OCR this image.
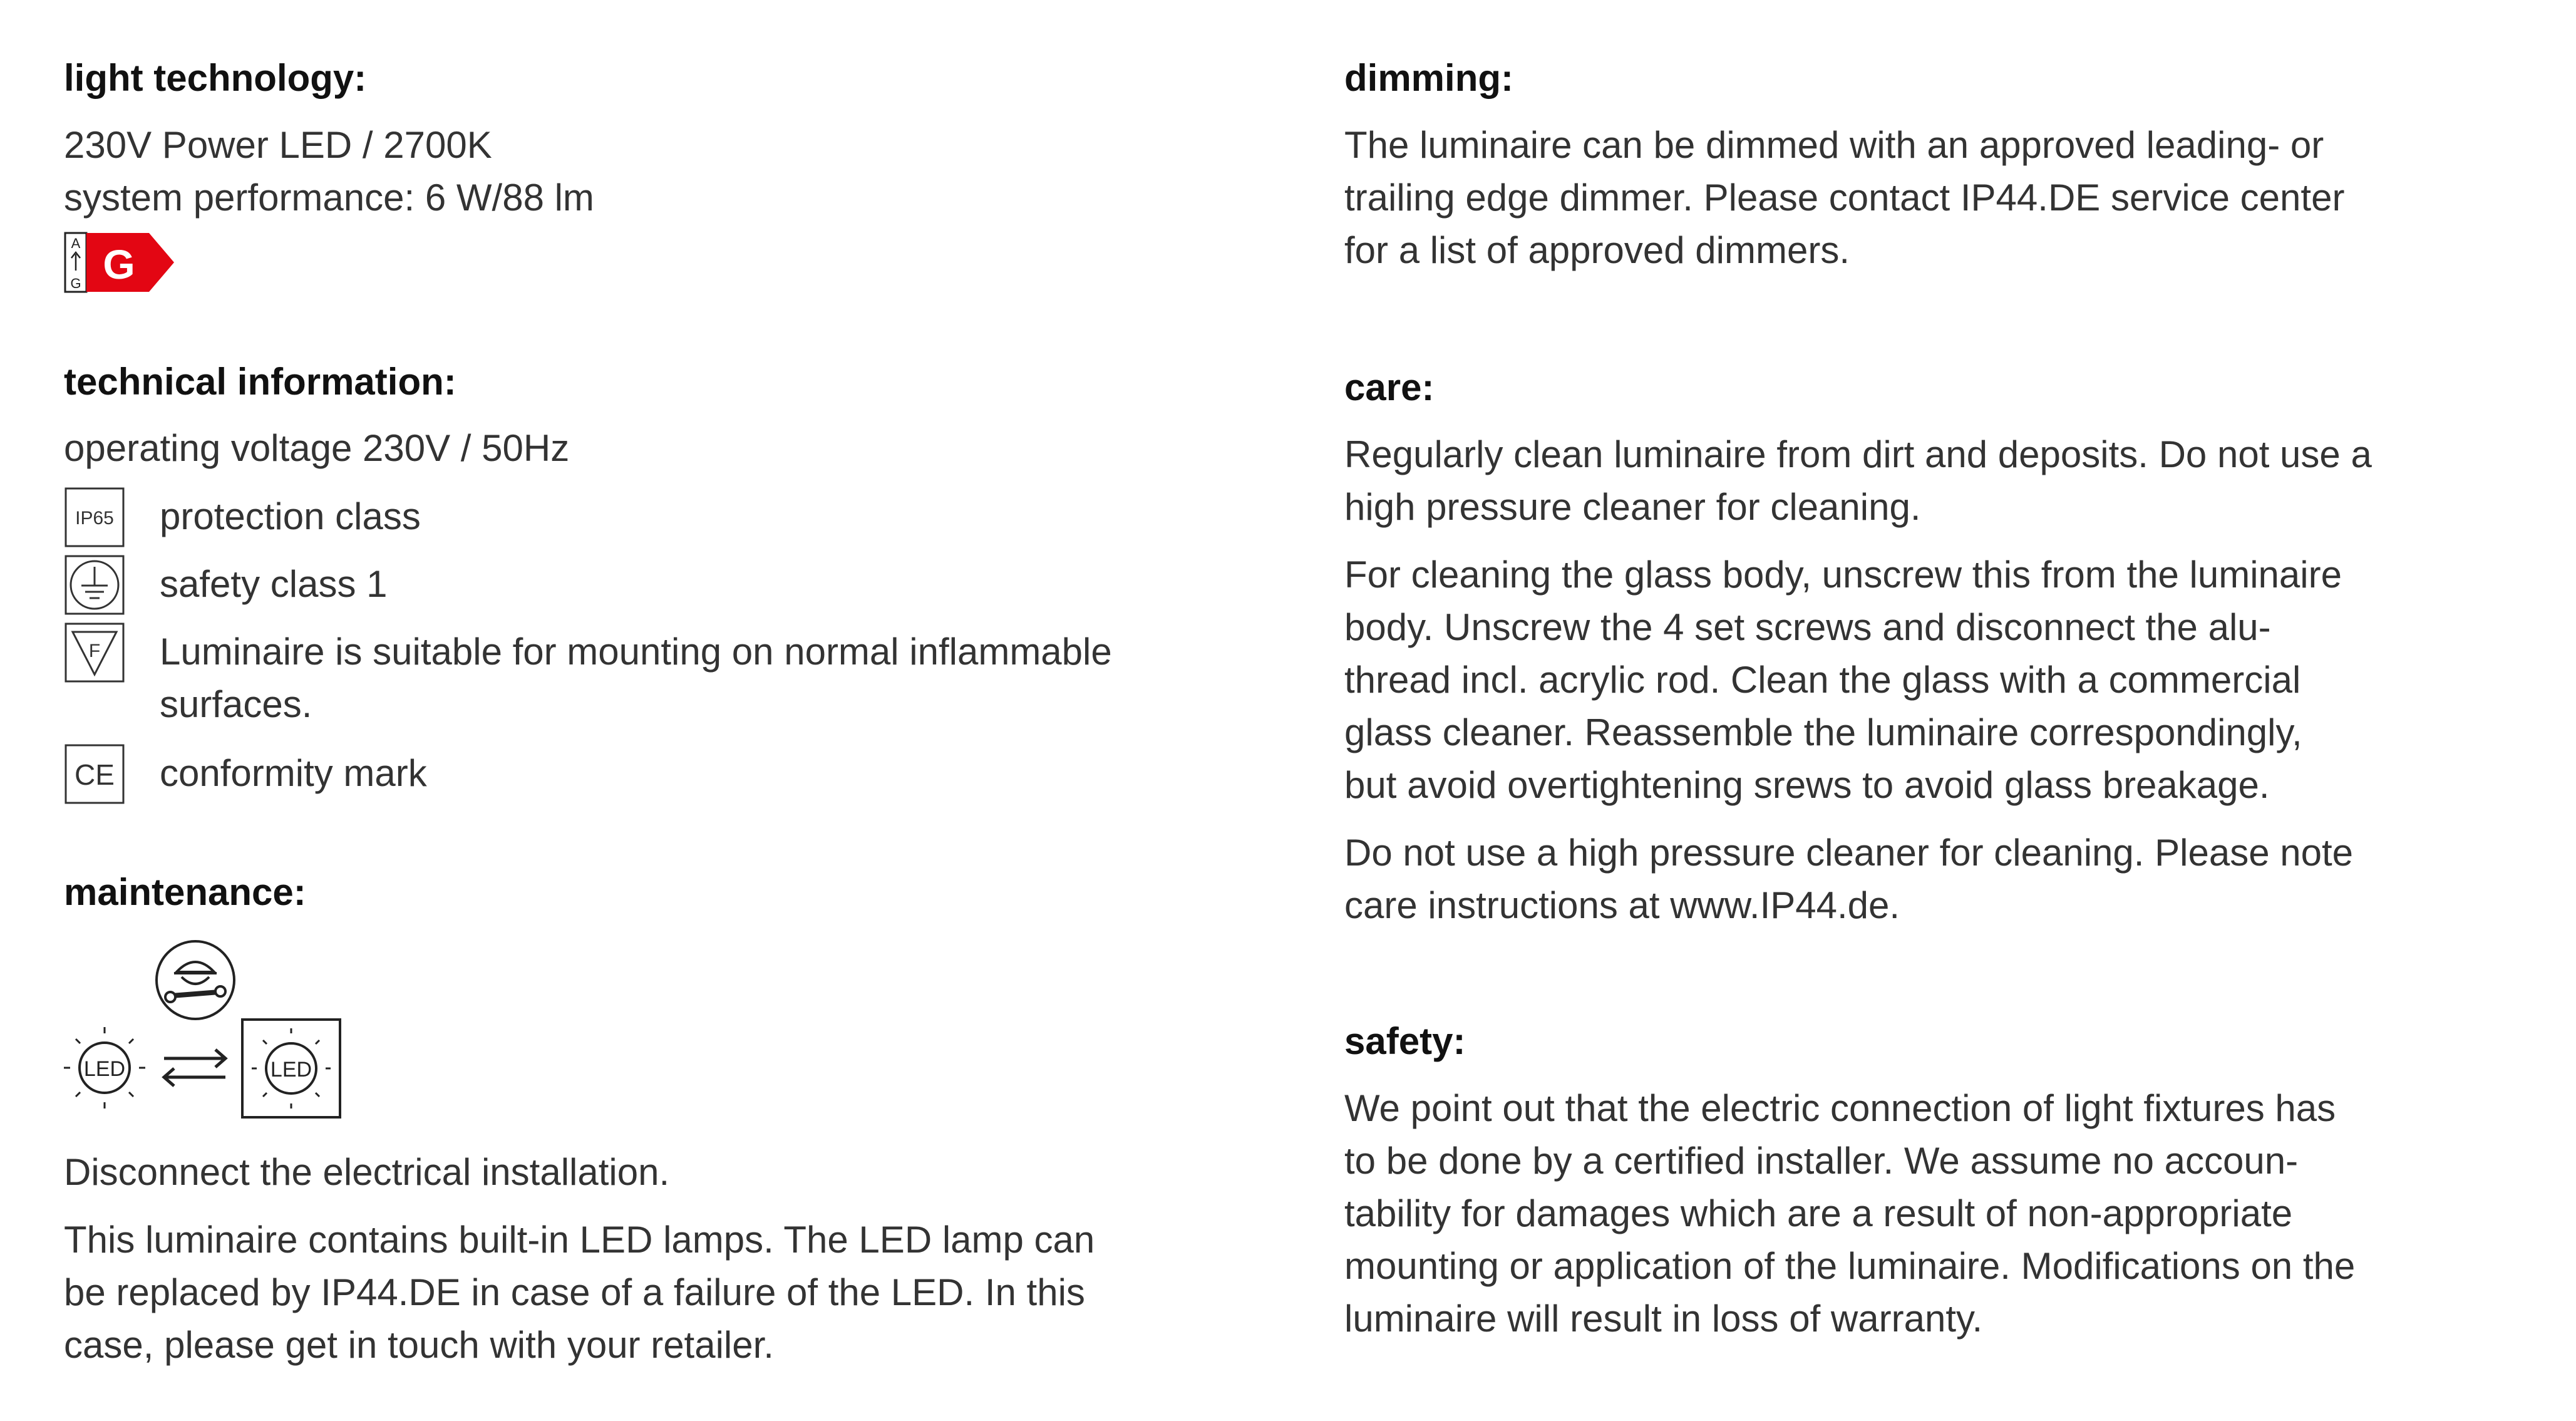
light technology:
230V Power LED / 2700K
system performance: 6 W/88 lm
A
G G
technical information:
operating voltage 230V / 50Hz
IP65 protection class
safety class 1
F Luminaire is suitable for mounting on normal inflammable
surfaces.
CE conformity mark
maintenance:
LED	LED
Disconnect the electrical installation.
This luminaire contains built-in LED lamps. The LED lamp can
be replaced by IP44.DE in case of a failure of the LED. In this
case, please get in touch with your retailer.
dimming:
The luminaire can be dimmed with an approved leading- or
trailing edge dimmer. Please contact IP44.DE service center
for a list of approved dimmers.
care:
Regularly clean luminaire from dirt and deposits. Do not use a
high pressure cleaner for cleaning.
For cleaning the glass body, unscrew this from the luminaire
body. Unscrew the 4 set screws and disconnect the alu-
thread incl. acrylic rod. Clean the glass with a commercial
glass cleaner. Reassemble the luminaire correspondingly,
but avoid overtightening srews to avoid glass breakage.
Do not use a high pressure cleaner for cleaning. Please note
care instructions at www.IP44.de.
safety:
We point out that the electric connection of light fixtures has
to be done by a certified installer. We assume no accoun-
tability for damages which are a result of non-appropriate
mounting or application of the luminaire. Modifications on the
luminaire will result in loss of warranty.
